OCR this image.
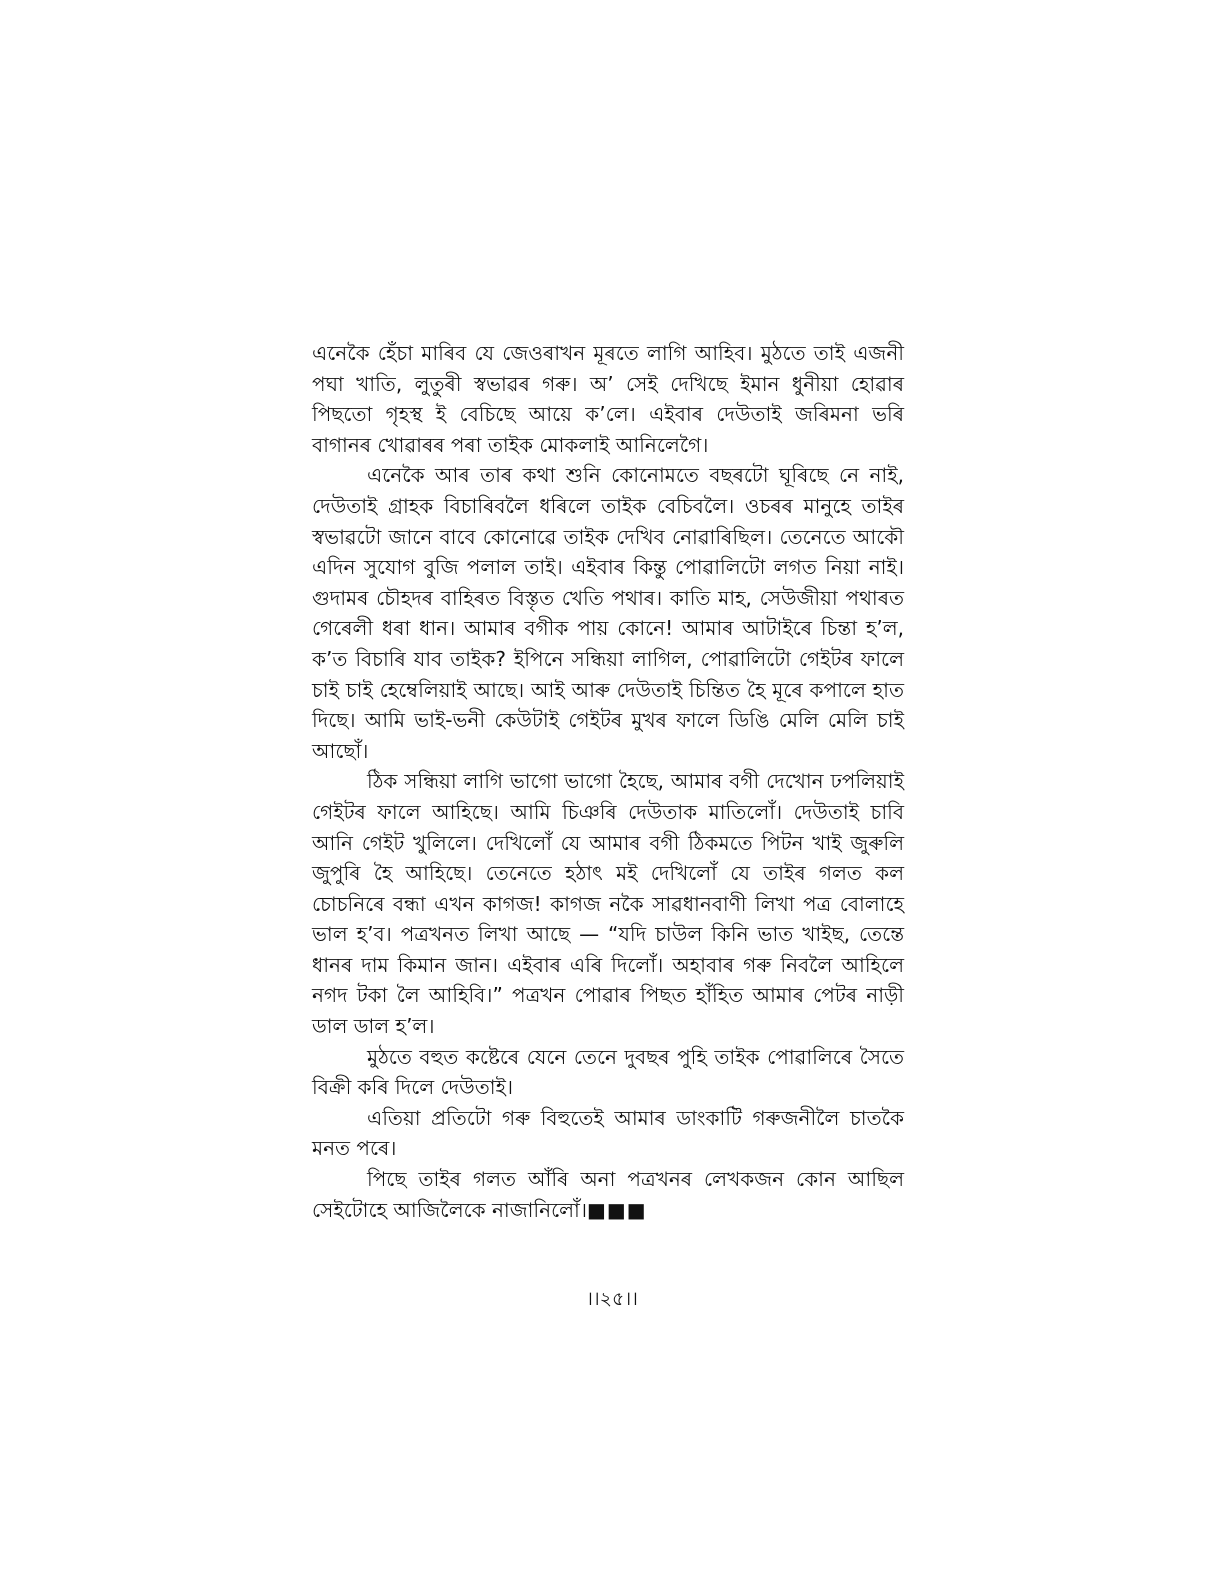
এনেকৈ হেঁচা মাৰিব যে জেওৰাখন মূৰতে লাগি আহিব। মুঠতে তাই এজনী পঘা খাতি, লুতুৰী স্বভাৱৰ গৰু। অ’ সেই দেখিছে ইমান ধুনীয়া হোৱাৰ পিছতো গৃহস্থ ই বেচিছে আয়ে ক’লে। এইবাৰ দেউতাই জৰিমনা ভৰি বাগানৰ খোৱাৰৰ পৰা তাইক মোকলাই আনিলেগৈ।

এনেকৈ আৰ তাৰ কথা শুনি কোনোমতে বছৰটো ঘূৰিছে নে নাই, দেউতাই গ্ৰাহক বিচাৰিবলৈ ধৰিলে তাইক বেচিবলৈ। ওচৰৰ মানুহে তাইৰ স্বভাৱটো জানে বাবে কোনোৱে তাইক দেখিব নোৱাৰিছিল। তেনেতে আকৌ এদিন সুযোগ বুজি পলাল তাই। এইবাৰ কিন্তু পোৱালিটো লগত নিয়া নাই। গুদামৰ চৌহদৰ বাহিৰত বিস্তৃত খেতি পথাৰ। কাতি মাহ, সেউজীয়া পথাৰত গেৰেলী ধৰা ধান। আমাৰ বগীক পায় কোনে! আমাৰ আটাইৰে চিন্তা হ’ল, ক’ত বিচাৰি যাব তাইক? ইপিনে সন্ধিয়া লাগিল, পোৱালিটো গেইটৰ ফালে চাই চাই হেম্বেলিয়াই আছে। আই আৰু দেউতাই চিন্তিত হৈ মূৰে কপালে হাত দিছে। আমি ভাই-ভনী কেউটাই গেইটৰ মুখৰ ফালে ডিঙি মেলি মেলি চাই আছোঁ।

ঠিক সন্ধিয়া লাগি ভাগো ভাগো হৈছে, আমাৰ বগী দেখোন ঢপলিয়াই গেইটৰ ফালে আহিছে। আমি চিঞৰি দেউতাক মাতিলোঁ। দেউতাই চাবি আনি গেইট খুলিলে। দেখিলোঁ যে আমাৰ বগী ঠিকমতে পিটন খাই জুৰুলি জুপুৰি হৈ আহিছে। তেনেতে হঠাৎ মই দেখিলোঁ যে তাইৰ গলত কল চোচনিৰে বন্ধা এখন কাগজ! কাগজ নকৈ সাৱধানবাণী লিখা পত্ৰ বোলাহে ভাল হ’ব। পত্ৰখনত লিখা আছে — “যদি চাউল কিনি ভাত খাইছ, তেন্তে ধানৰ দাম কিমান জান। এইবাৰ এৰি দিলোঁ। অহাবাৰ গৰু নিবলৈ আহিলে নগদ টকা লৈ আহিবি।” পত্ৰখন পোৱাৰ পিছত হাঁহিত আমাৰ পেটৰ নাড়ী ডাল ডাল হ’ল।

মুঠতে বহুত কষ্টেৰে যেনে তেনে দুবছৰ পুহি তাইক পোৱালিৰে সৈতে বিক্ৰী কৰি দিলে দেউতাই।

এতিয়া প্ৰতিটো গৰু বিহুতেই আমাৰ ডাংকাটি গৰুজনীলৈ চাতকৈ মনত পৰে।

পিছে তাইৰ গলত আঁৰি অনা পত্ৰখনৰ লেখকজন কোন আছিল সেইটোহে আজিলৈকে নাজানিলোঁ।■■■

।।২৫।।
